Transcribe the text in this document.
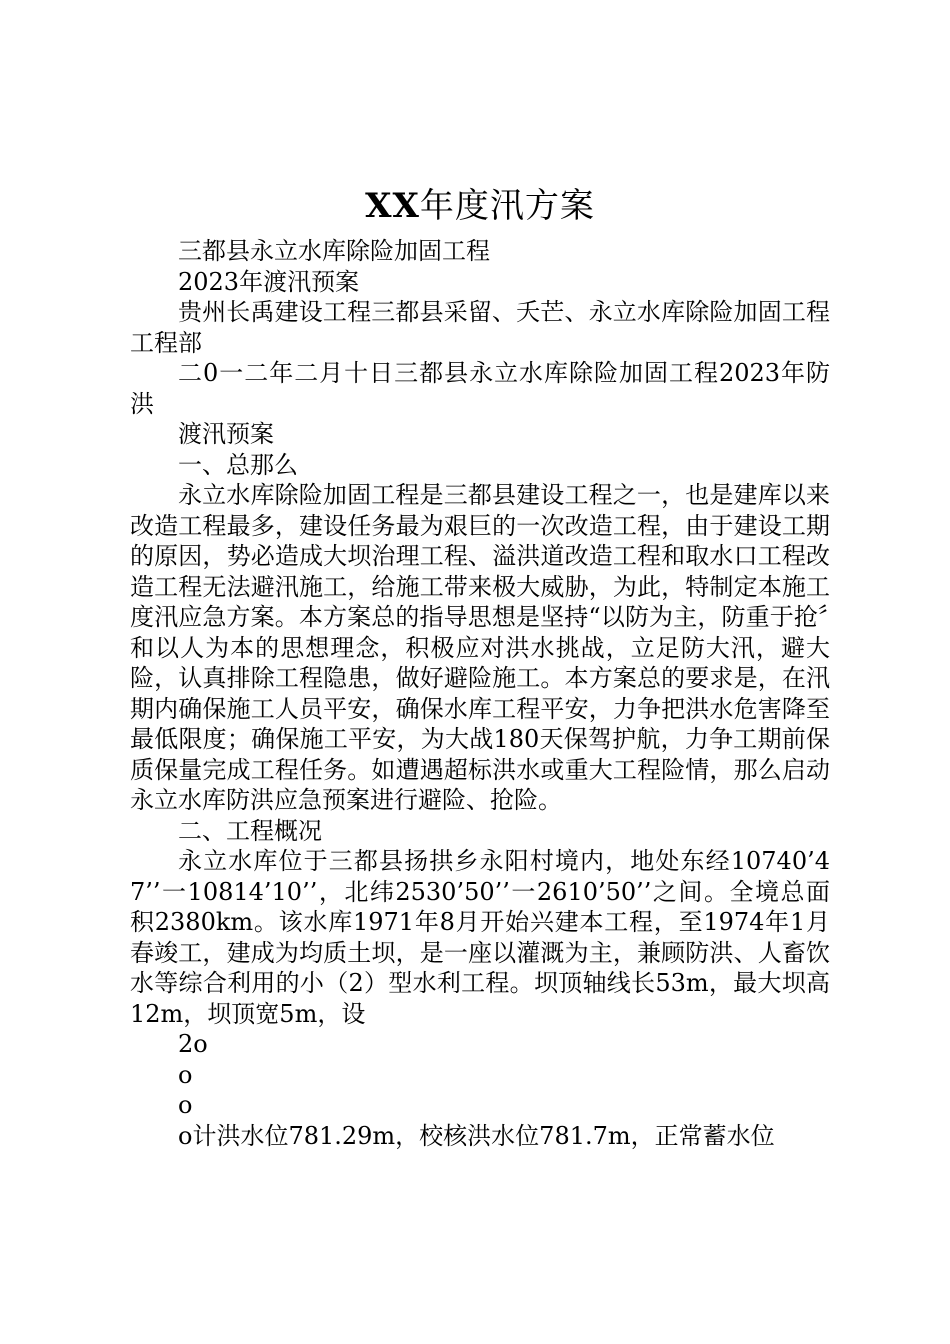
XX年度汛方案

三都县永立水库除险加固工程

2023年渡汛预案

贵州长禹建设工程三都县采留、夭芒、永立水库除险加固工程工程部

二0一二年二月十日三都县永立水库除险加固工程2023年防洪

渡汛预案

一、总那么

永立水库除险加固工程是三都县建设工程之一，也是建库以来改造工程最多，建设任务最为艰巨的一次改造工程，由于建设工期的原因，势必造成大坝治理工程、溢洪道改造工程和取水口工程改造工程无法避汛施工，给施工带来极大威胁，为此，特制定本施工度汛应急方案。本方案总的指导思想是坚持“以防为主，防重于抢〞和以人为本的思想理念，积极应对洪水挑战，立足防大汛，避大险，认真排除工程隐患，做好避险施工。本方案总的要求是，在汛期内确保施工人员平安，确保水库工程平安，力争把洪水危害降至最低限度；确保施工平安，为大战180天保驾护航，力争工期前保质保量完成工程任务。如遭遇超标洪水或重大工程险情，那么启动永立水库防洪应急预案进行避险、抢险。

二、工程概况

永立水库位于三都县扬拱乡永阳村境内，地处东经10740’47’’一10814’10’’，北纬2530’50’’一2610’50’’之间。全境总面积2380km。该水库1971年8月开始兴建本工程，至1974年1月春竣工，建成为均质土坝，是一座以灌溉为主，兼顾防洪、人畜饮水等综合利用的小（2）型水利工程。坝顶轴线长53m，最大坝高12m，坝顶宽5m，设

2o

o

o

o计洪水位781.29m，校核洪水位781.7m，正常蓄水位
